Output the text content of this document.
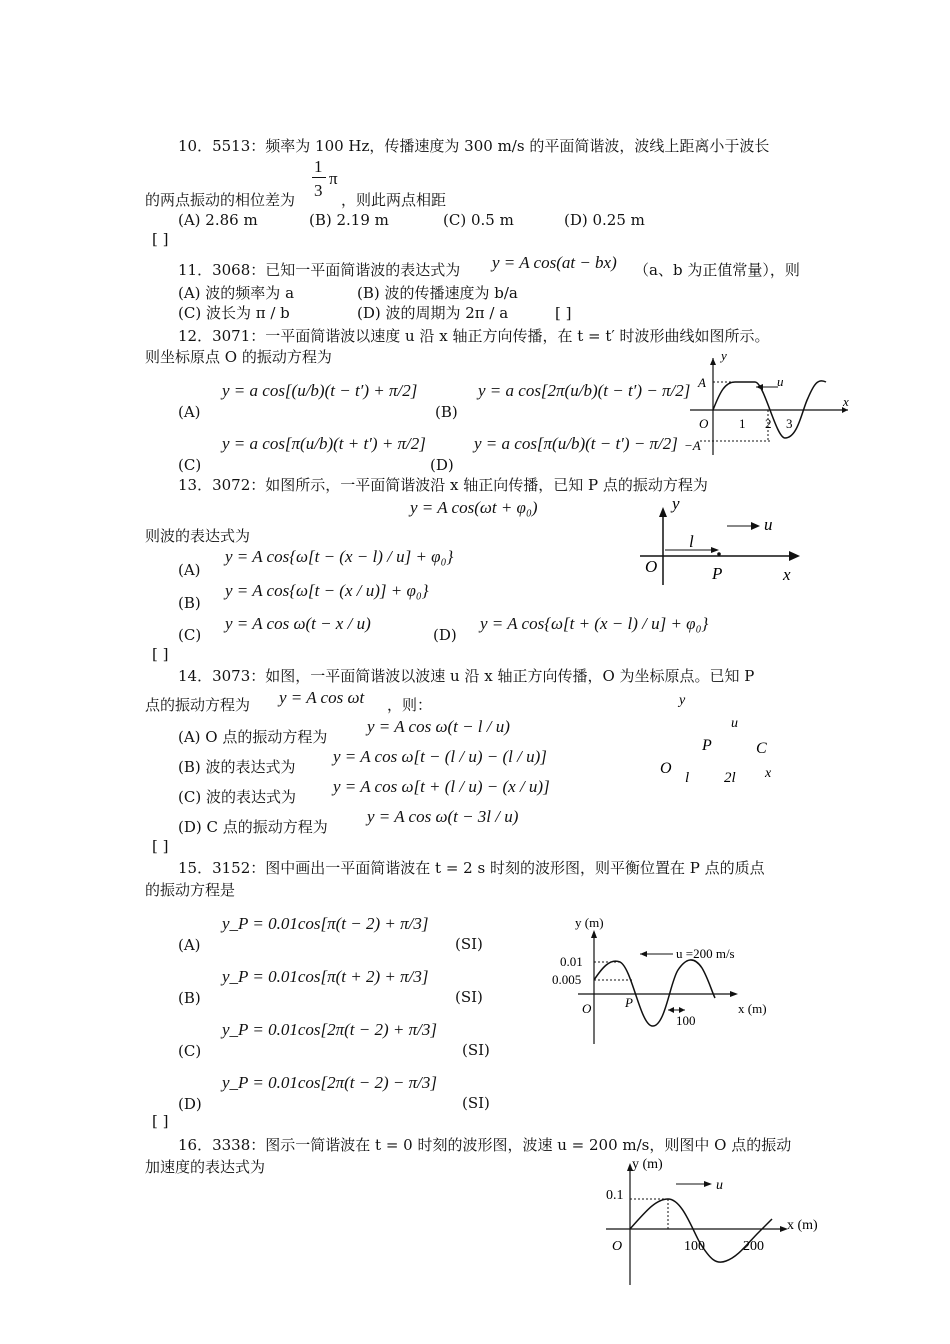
10．5513：频率为 100 Hz，传播速度为 300 m/s 的平面简谐波，波线上距离小于波长
1
3
π
的两点振动的相位差为	，则此两点相距
(A) 2.86 m	(B) 2.19 m	(C) 0.5 m	(D) 0.25 m
[ ]
11．3068：已知一平面简谐波的表达式为 y = A cos(at − bx) （a、b 为正值常量），则
(A) 波的频率为 a	(B) 波的传播速度为 b/a
(C) 波长为 π / b	(D) 波的周期为 2π / a	[ ]
12．3071：一平面简谐波以速度 u 沿 x 轴正方向传播，在 t = t′ 时波形曲线如图所示。
则坐标原点 O 的振动方程为
(A)
y = a cos[(u/b)(t − t′) + π/2]
(B)
y = a cos[2π(u/b)(t − t′) − π/2]
(C)
y = a cos[π(u/b)(t + t′) + π/2]
(D)
y = a cos[π(u/b)(t − t′) − π/2]
y
x
A
−A
O 1 2 3
u
13．3072：如图所示，一平面简谐波沿 x 轴正向传播，已知 P 点的振动方程为
y = A cos(ωt + φ₀)
则波的表达式为
(A)
y = A cos{ω[t − (x − l) / u] + φ₀}
(B)
y = A cos{ω[t − (x / u)] + φ₀}
(C)
y = A cos ω(t − x / u)
(D)
y = A cos{ω[t + (x − l) / u] + φ₀}
[ ]
y
u
l
O	P	x
14．3073：如图，一平面简谐波以波速 u 沿 x 轴正方向传播，O 为坐标原点。已知 P
点的振动方程为 y = A cos ωt ，则：
(A) O 点的振动方程为
y = A cos ω(t − l / u)
(B) 波的表达式为
y = A cos ω[t − (l / u) − (l / u)]
(C) 波的表达式为
y = A cos ω[t + (l / u) − (x / u)]
(D) C 点的振动方程为
y = A cos ω(t − 3l / u)
[ ]
y
u
P	C
O
l 2l x
15．3152：图中画出一平面简谐波在 t = 2 s 时刻的波形图，则平衡位置在 P 点的质点
的振动方程是
(A)
y_P = 0.01cos[π(t − 2) + π/3]
(SI)
(B)
y_P = 0.01cos[π(t + 2) + π/3]
(SI)
(C)
y_P = 0.01cos[2π(t − 2) + π/3]
(SI)
(D)
y_P = 0.01cos[2π(t − 2) − π/3]
(SI)
[ ]
y (m)
x (m)
0.01
0.005
O	P
u =200 m/s
100
16．3338：图示一简谐波在 t = 0 时刻的波形图，波速 u = 200 m/s，则图中 O 点的振动
加速度的表达式为	y (m)
x (m)
0.1
u
O	100	200
